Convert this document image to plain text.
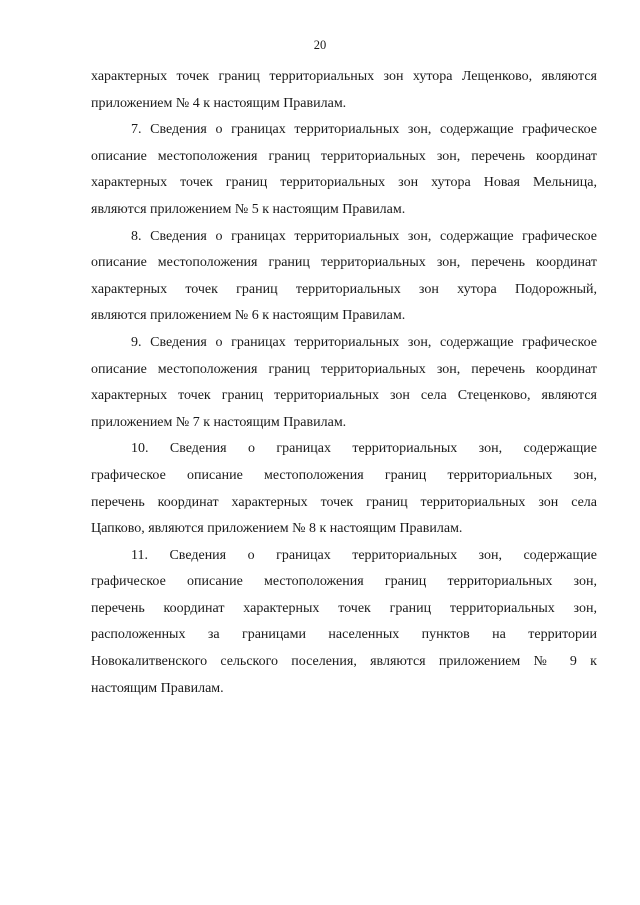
20
характерных точек границ территориальных зон хутора Лещенково, являются
приложением № 4 к настоящим Правилам.
7. Сведения о границах территориальных зон, содержащие графическое
описание местоположения границ территориальных зон, перечень координат
характерных точек границ территориальных зон хутора Новая Мельница,
являются приложением № 5 к настоящим Правилам.
8. Сведения о границах территориальных зон, содержащие графическое
описание местоположения границ территориальных зон, перечень координат
характерных точек границ территориальных зон хутора Подорожный,
являются приложением № 6 к настоящим Правилам.
9. Сведения о границах территориальных зон, содержащие графическое
описание местоположения границ территориальных зон, перечень координат
характерных точек границ территориальных зон села Стеценково, являются
приложением № 7 к настоящим Правилам.
10. Сведения о границах территориальных зон, содержащие
графическое описание местоположения границ территориальных зон,
перечень координат характерных точек границ территориальных зон села
Цапково, являются приложением № 8 к настоящим Правилам.
11. Сведения о границах территориальных зон, содержащие
графическое описание местоположения границ территориальных зон,
перечень координат характерных точек границ территориальных зон,
расположенных за границами населенных пунктов на территории
Новокалитвенского сельского поселения, являются приложением № 9 к
настоящим Правилам.
